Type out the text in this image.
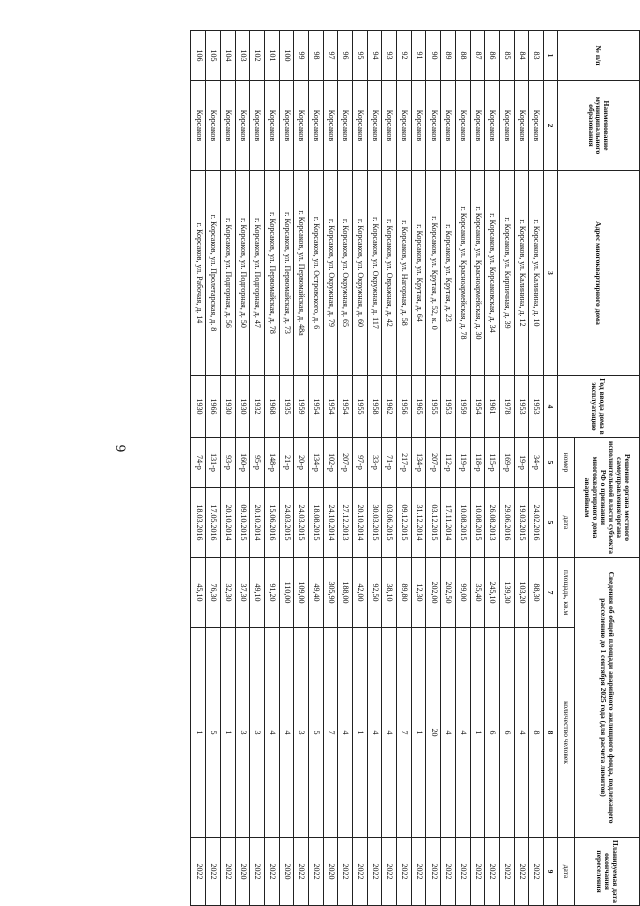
6
№ п/п	Наименование муниципального образования	Адрес многоквартирного дома	Год ввода дома в эксплуатацию	Решение органа местного самоуправления/органа исполнительной власти субъекта РФ о признании многоквартирного дома аварийным		Сведения об общей площади аварийного жилищного фонда, подлежащего расселению до 1 сентября 2025 года (для расчета лимитов)		Планируемая дата окончания переселения
				номер	дата	площадь, кв.м	количество человек	дата
1	2	3	4	5	5	7	8	9
83	Корсаков	г. Корсаков, ул. Калинина, д. 10	1953	34-р	24.02.2016	88,30	8	2022
84	Корсаков	г. Корсаков, ул. Калинина, д. 12	1953	19-р	19.03.2015	103,20	4	2022
85	Корсаков	г. Корсаков, ул. Кирпичная, д. 39	1978	169-р	29.06.2016	139,30	6	2022
86	Корсаков	г. Корсаков, ул. Корсаковская, д. 34	1961	115-р	26.08.2013	245,10	6	2022
87	Корсаков	г. Корсаков, ул. Красноармейская, д. 30	1954	118-р	10.08.2015	35,40	1	2022
88	Корсаков	г. Корсаков, ул. Красноармейская, д. 78	1959	119-р	10.08.2015	99,00	4	2022
89	Корсаков	г. Корсаков, ул. Крутая, д. 23	1953	112-р	17.11.2014	202,50	4	2022
90	Корсаков	г. Корсаков, ул. Крутая, д. 52, к. 0	1955	207-р	03.12.2015	202,00	20	2022
91	Корсаков	г. Корсаков, ул. Крутая, д. 64	1965	134-р	31.12.2014	12,30	1	2022
92	Корсаков	г. Корсаков, ул. Нагорная, д. 58	1956	217-р	09.12.2015	89,80	7	2022
93	Корсаков	г. Корсаков, ул. Овражная, д. 42	1962	71-р	03.06.2015	38,10	4	2022
94	Корсаков	г. Корсаков, ул. Окружная, д. 117	1958	33-р	30.03.2015	92,50	4	2022
95	Корсаков	г. Корсаков, ул. Окружная, д. 60	1955	97-р	20.10.2014	42,00	1	2022
96	Корсаков	г. Корсаков, ул. Окружная, д. 65	1954	207-р	27.12.2013	188,00	4	2022
97	Корсаков	г. Корсаков, ул. Окружная, д. 79	1954	102-р	24.10.2014	305,90	7	2020
98	Корсаков	г. Корсаков, ул. Островского, д. 6	1954	134-р	18.08.2015	49,40	5	2022
99	Корсаков	г. Корсаков, ул. Первомайская, д. 48а	1959	20-р	24.03.2015	109,00	3	2022
100	Корсаков	г. Корсаков, ул. Первомайская, д. 73	1935	21-р	24.03.2015	110,00	4	2020
101	Корсаков	г. Корсаков, ул. Первомайская, д. 78	1968	148-р	15.06.2016	91,20	4	2022
102	Корсаков	г. Корсаков, ул. Подгорная, д. 47	1932	95-р	20.10.2014	49,10	3	2022
103	Корсаков	г. Корсаков, ул. Подгорная, д. 50	1930	160-р	09.10.2015	37,30	3	2020
104	Корсаков	г. Корсаков, ул. Подгорная, д. 56	1930	93-р	20.10.2014	32,30	1	2022
105	Корсаков	г. Корсаков, ул. Пролетарская, д. 8	1966	131-р	17.05.2016	76,30	5	2022
106	Корсаков	г. Корсаков, ул. Рабочая, д. 14	1930	74-р	18.03.2016	45,10	1	2022
